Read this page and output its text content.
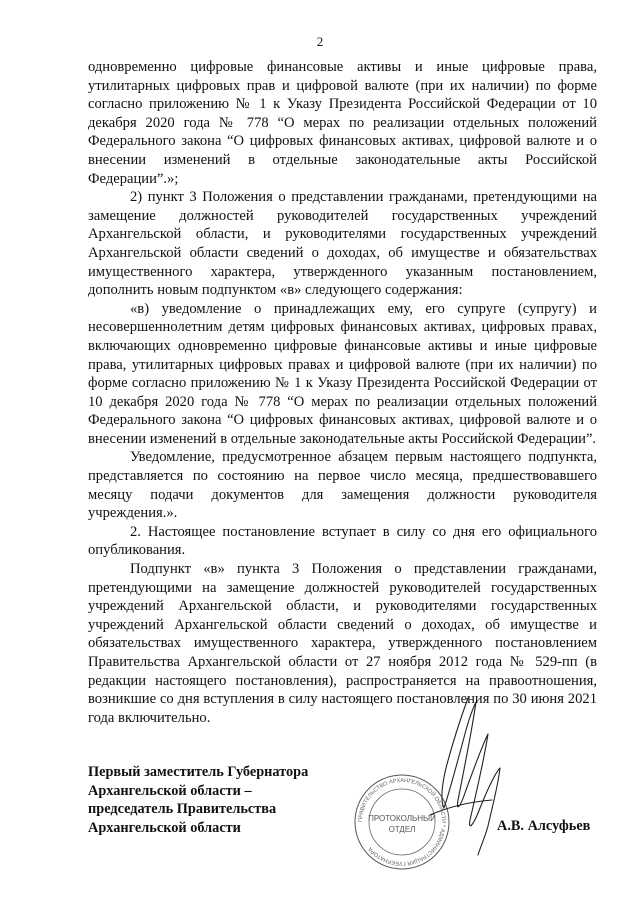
2

одновременно цифровые финансовые активы и иные цифровые права, утилитарных цифровых прав и цифровой валюте (при их наличии) по форме согласно приложению № 1 к Указу Президента Российской Федерации от 10 декабря 2020 года № 778 “О мерах по реализации отдельных положений Федерального закона “О цифровых финансовых активах, цифровой валюте и о внесении изменений в отдельные законодательные акты Российской Федерации”.»;

2) пункт 3 Положения о представлении гражданами, претендующими на замещение должностей руководителей государственных учреждений Архангельской области, и руководителями государственных учреждений Архангельской области сведений о доходах, об имуществе и обязательствах имущественного характера, утвержденного указанным постановлением, дополнить новым подпунктом «в» следующего содержания:

«в) уведомление о принадлежащих ему, его супруге (супругу) и несовершеннолетним детям цифровых финансовых активах, цифровых правах, включающих одновременно цифровые финансовые активы и иные цифровые права, утилитарных цифровых правах и цифровой валюте (при их наличии) по форме согласно приложению № 1 к Указу Президента Российской Федерации от 10 декабря 2020 года № 778 “О мерах по реализации отдельных положений Федерального закона “О цифровых финансовых активах, цифровой валюте и о внесении изменений в отдельные законодательные акты Российской Федерации”.

Уведомление, предусмотренное абзацем первым настоящего подпункта, представляется по состоянию на первое число месяца, предшествовавшего месяцу подачи документов для замещения должности руководителя учреждения.».

2. Настоящее постановление вступает в силу со дня его официального опубликования.

Подпункт «в» пункта 3 Положения о представлении гражданами, претендующими на замещение должностей руководителей государственных учреждений Архангельской области, и руководителями государственных учреждений Архангельской области сведений о доходах, об имуществе и обязательствах имущественного характера, утвержденного постановлением Правительства Архангельской области от 27 ноября 2012 года № 529-пп (в редакции настоящего постановления), распространяется на правоотношения, возникшие со дня вступления в силу настоящего постановления по 30 июня 2021 года включительно.

Первый заместитель Губернатора
Архангельской области –
председатель Правительства
Архангельской области	ПРАВИТЕЛЬСТВО АРХАНГЕЛЬСКОЙ ОБЛАСТИ * АДМИНИСТРАЦИЯ ГУБЕРНАТОРА
ПРОТОКОЛЬНЫЙ
ОТДЕЛ	А.В. Алсуфьев
